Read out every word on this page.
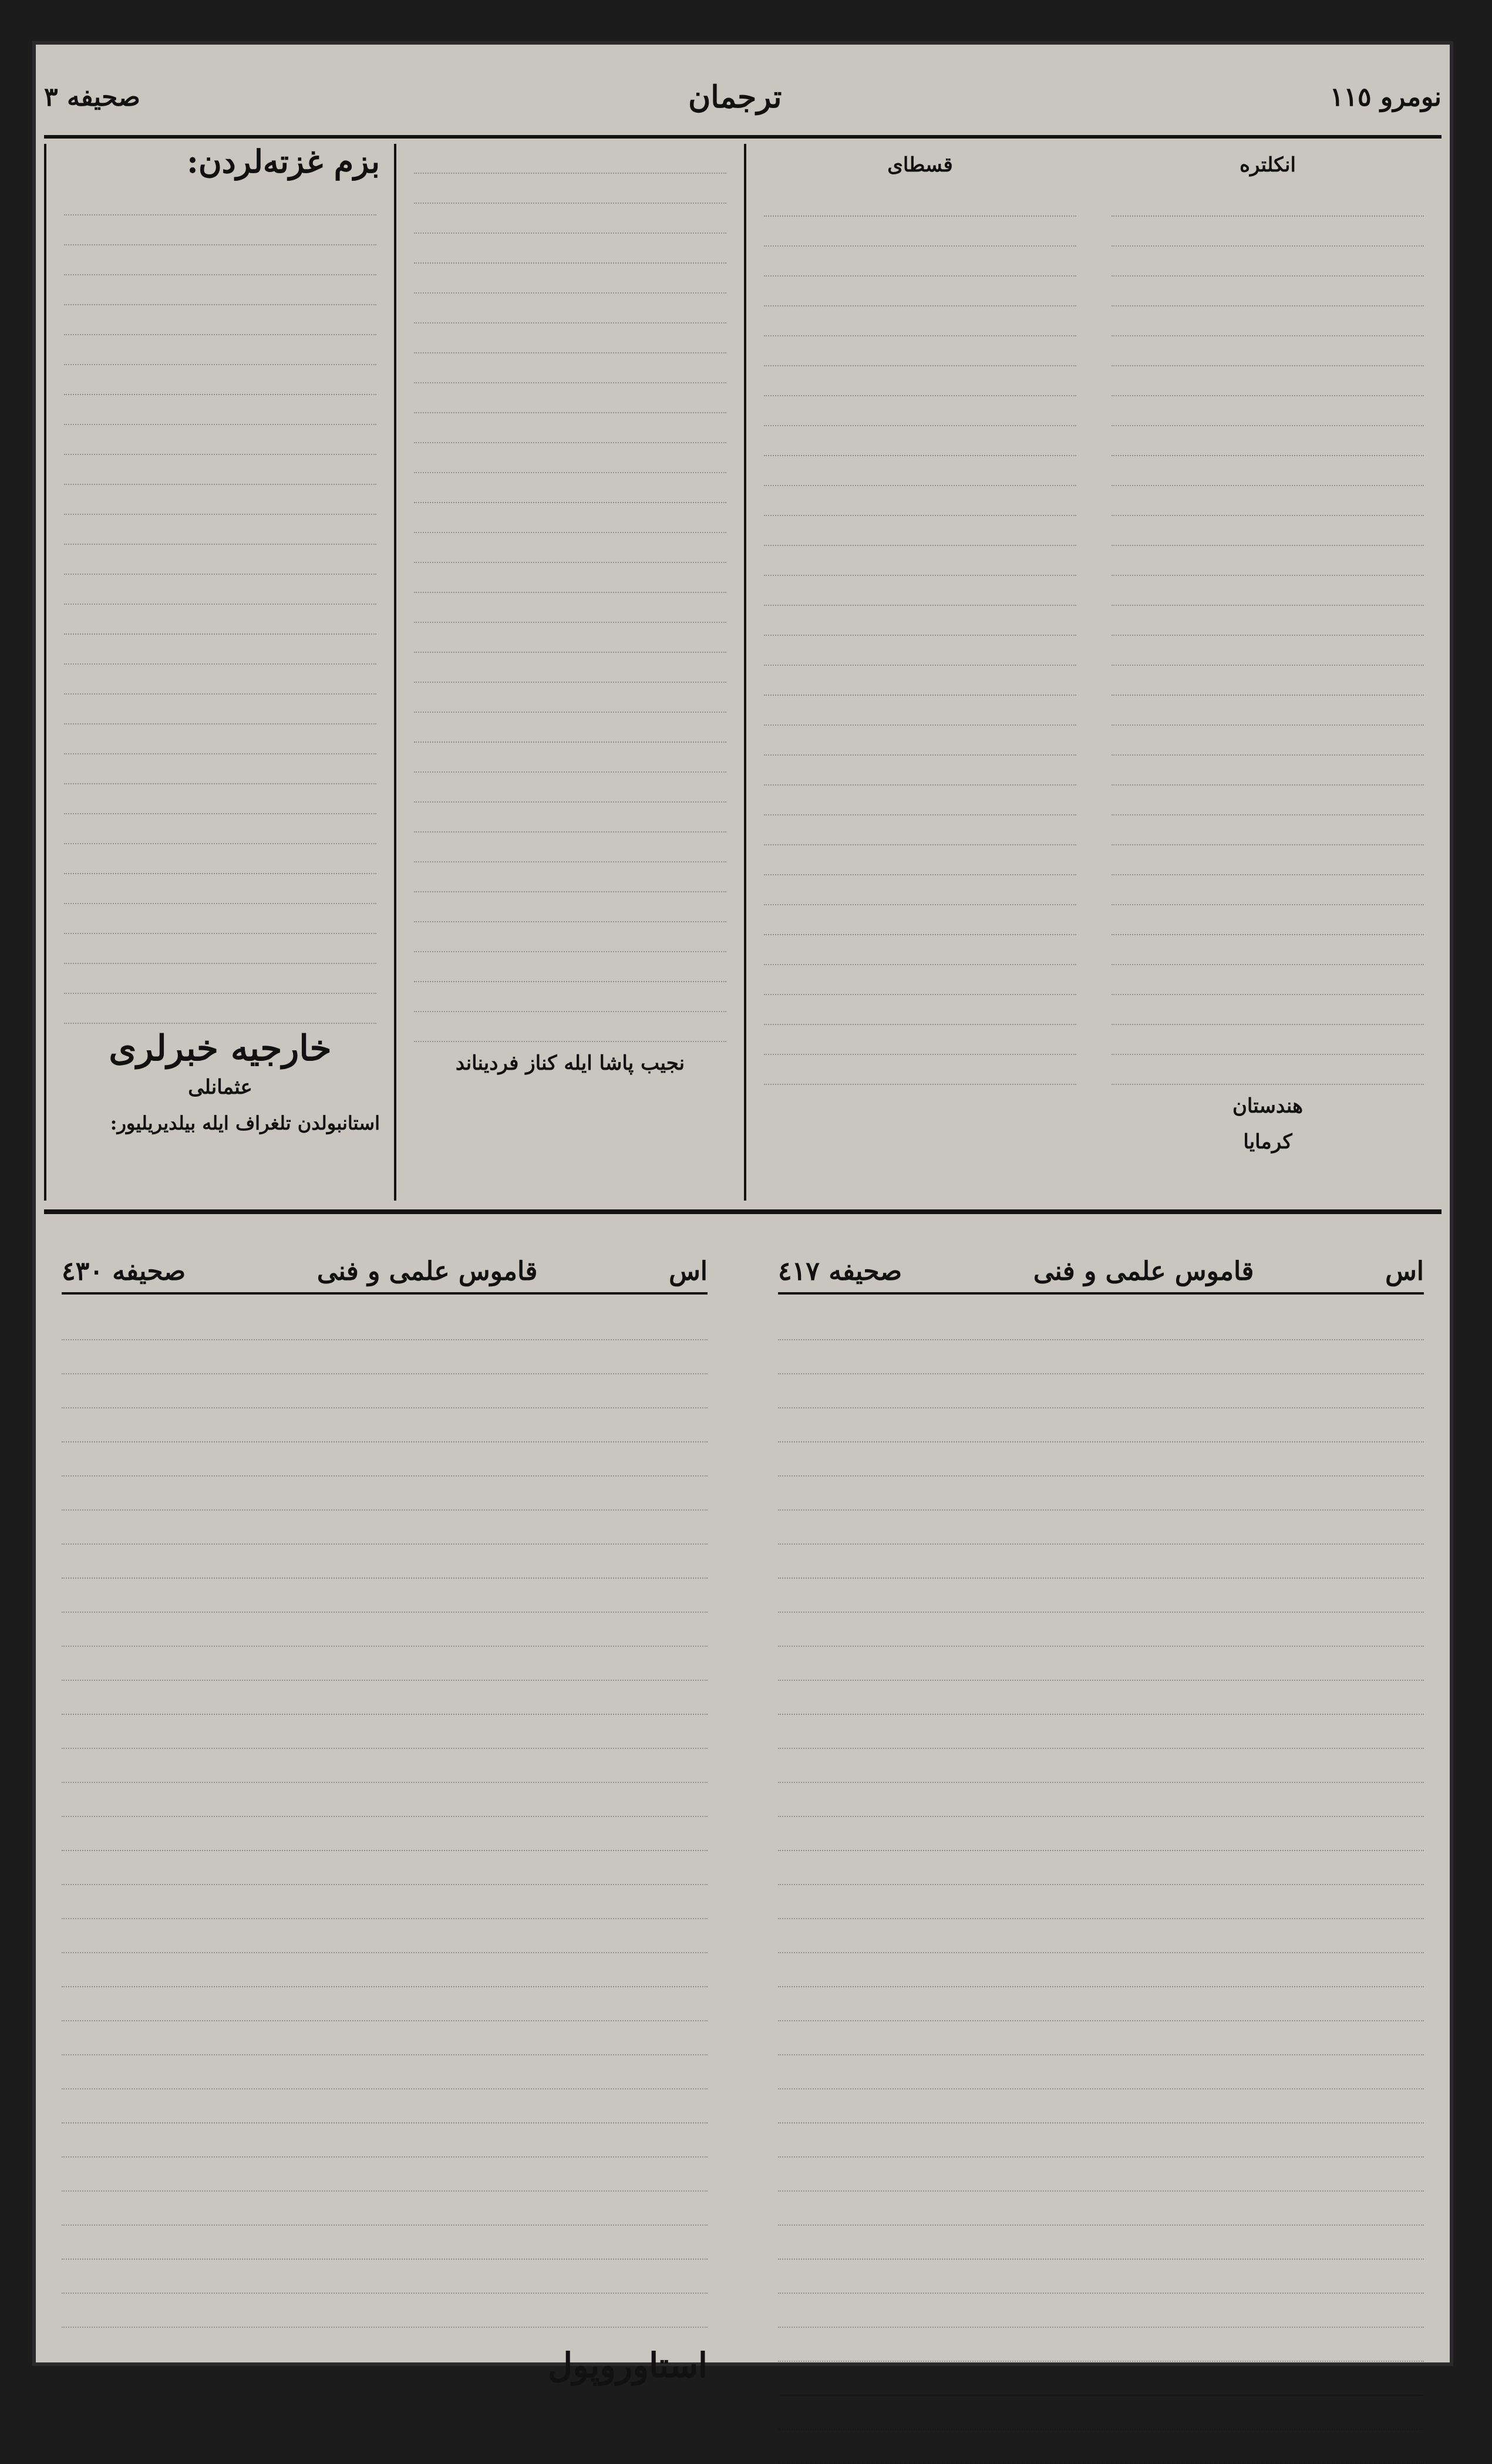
نومرو ١١٥
ترجمان
صحيفه ٣
بزم غزته‌لردن:
خارجيه خبرلری
عثمانلی
استانبولدن تلغراف ايله بيلديريليور:
نجيب پاشا ايله كناز فرديناند
قسطای	انكلتره
هندستان
كرمايا
اس
قاموس علمى و فنى
صحيفه ٤٣٠
استاوروپول
اس
قاموس علمى و فنى
صحيفه ٤١٧
